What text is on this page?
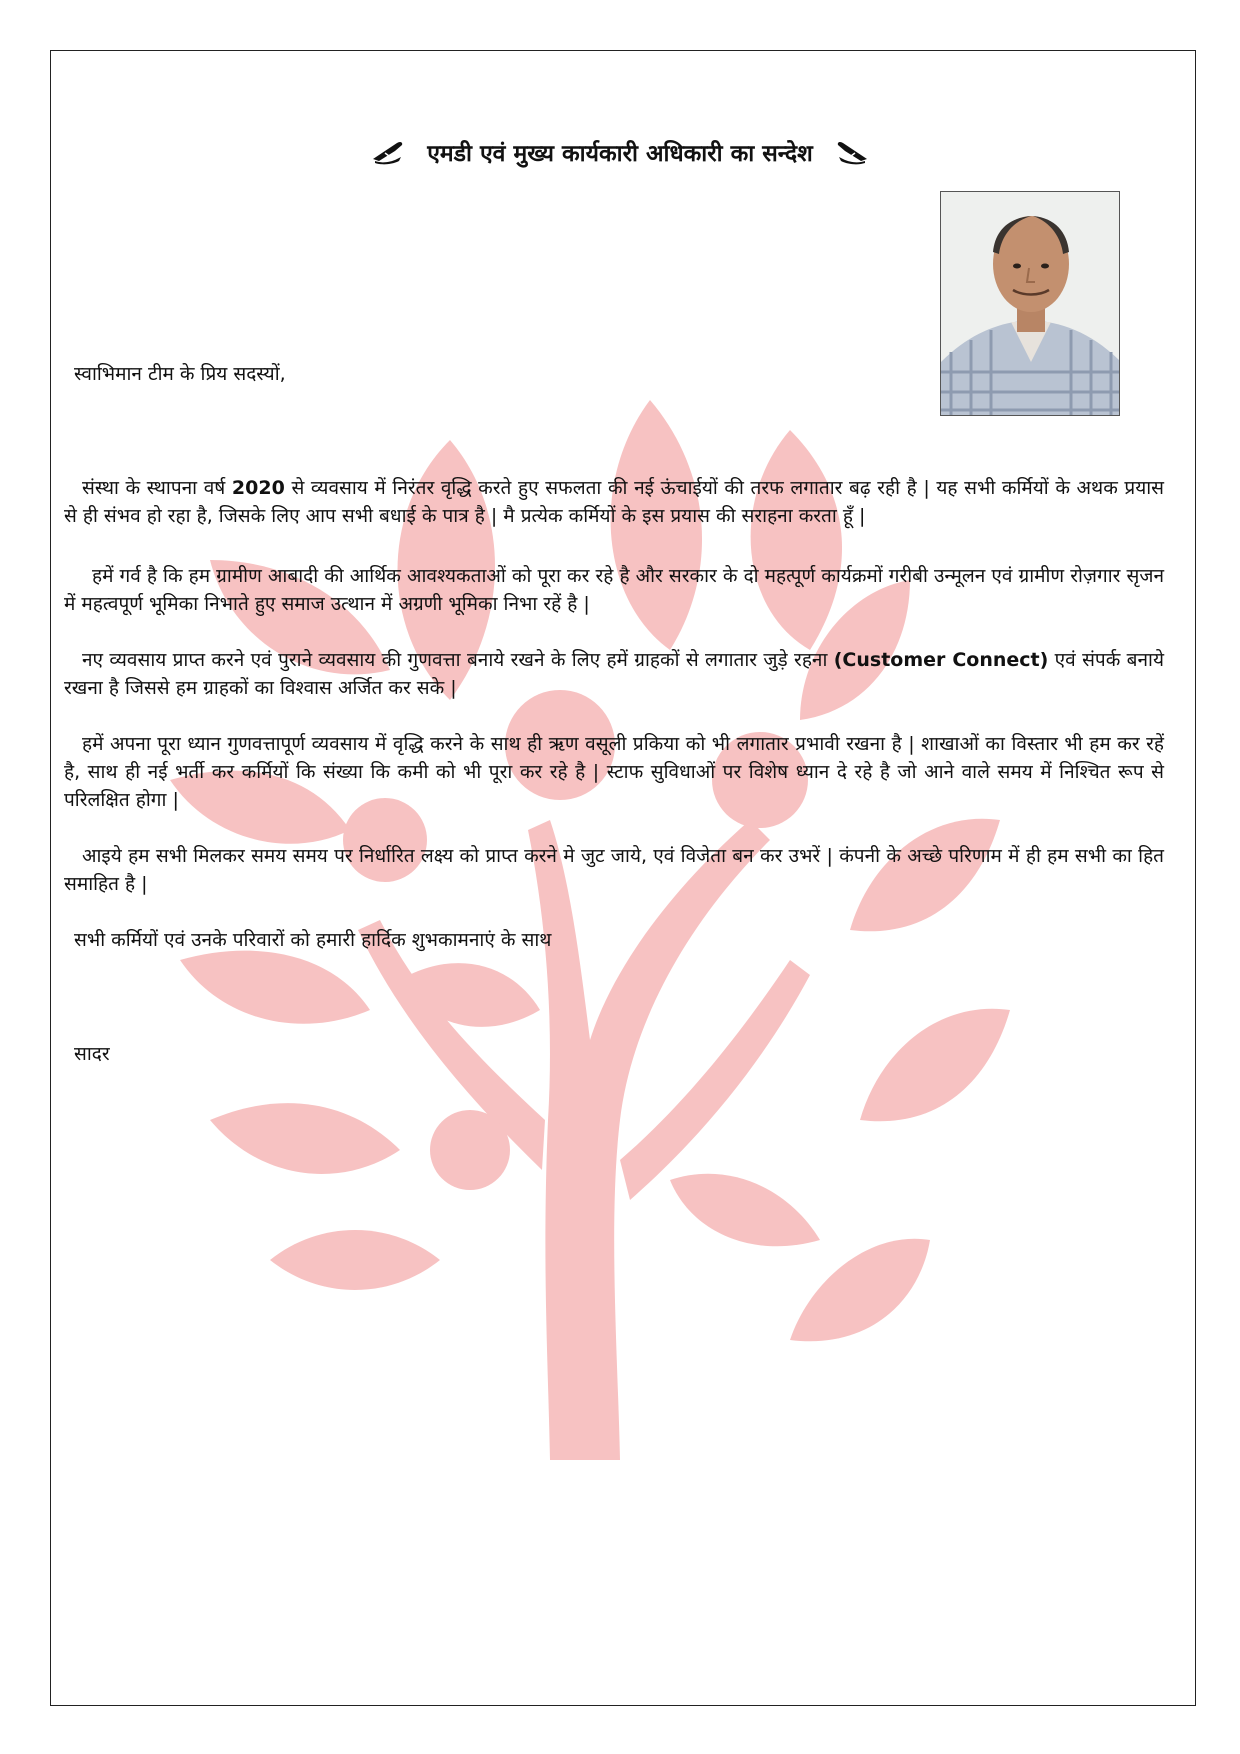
एमडी एवं मुख्य कार्यकारी अधिकारी का सन्देश
स्वाभिमान टीम के प्रिय सदस्यों,
संस्था के स्थापना वर्ष 2020 से व्यवसाय में निरंतर वृद्धि करते हुए सफलता की नई ऊंचाईयों की तरफ लगातार बढ़ रही है | यह सभी कर्मियों के अथक प्रयास से ही संभव हो रहा है, जिसके लिए आप सभी बधाई के पात्र है | मै प्रत्येक कर्मियों के इस प्रयास की सराहना करता हूँ |
हमें गर्व है कि हम ग्रामीण आबादी की आर्थिक आवश्यकताओं को पूरा कर रहे है और सरकार के दो महत्पूर्ण कार्यक्रमों गरीबी उन्मूलन एवं ग्रामीण रोज़गार सृजन में महत्वपूर्ण भूमिका निभाते हुए समाज उत्थान में अग्रणी भूमिका निभा रहें है |
नए व्यवसाय प्राप्त करने एवं पुराने व्यवसाय की गुणवत्ता बनाये रखने के लिए हमें ग्राहकों से लगातार जुड़े रहना (Customer Connect) एवं संपर्क बनाये रखना है जिससे हम ग्राहकों का विश्वास अर्जित कर सके |
हमें अपना पूरा ध्यान गुणवत्तापूर्ण व्यवसाय में वृद्धि करने के साथ ही ऋण वसूली प्रकिया को भी लगातार प्रभावी रखना है | शाखाओं का विस्तार भी हम कर रहें है, साथ ही नई भर्ती कर कर्मियों कि संख्या कि कमी को भी पूरा कर रहे है | स्टाफ सुविधाओं पर विशेष ध्यान दे रहे है जो आने वाले समय में निश्चित रूप से परिलक्षित होगा |
आइये हम सभी मिलकर समय समय पर निर्धारित लक्ष्य को प्राप्त करने मे जुट जाये, एवं विजेता बन कर उभरें | कंपनी के अच्छे परिणाम में ही हम सभी का हित समाहित है |
सभी कर्मियों एवं उनके परिवारों को हमारी हार्दिक शुभकामनाएं के साथ
सादर
